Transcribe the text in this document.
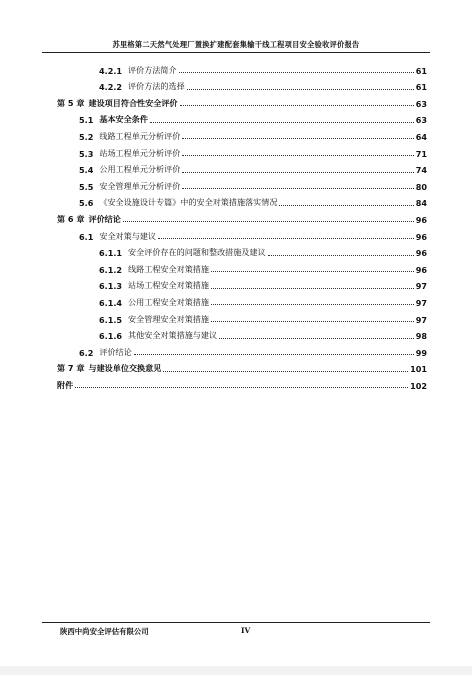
苏里格第二天然气处理厂置换扩建配套集输干线工程项目安全验收评价报告
4.2.1 评价方法简介	61
4.2.2 评价方法的选择	61
第 5 章 建设项目符合性安全评价	63
5.1 基本安全条件	63
5.2 线路工程单元分析评价	64
5.3 站场工程单元分析评价	71
5.4 公用工程单元分析评价	74
5.5 安全管理单元分析评价	80
5.6 《安全设施设计专篇》中的安全对策措施落实情况	84
第 6 章 评价结论	96
6.1 安全对策与建议	96
6.1.1 安全评价存在的问题和整改措施及建议	96
6.1.2 线路工程安全对策措施	96
6.1.3 站场工程安全对策措施	97
6.1.4 公用工程安全对策措施	97
6.1.5 安全管理安全对策措施	97
6.1.6 其他安全对策措施与建议	98
6.2 评价结论	99
第 7 章 与建设单位交换意见	101
附件	102
陕西中尚安全评估有限公司	IV
